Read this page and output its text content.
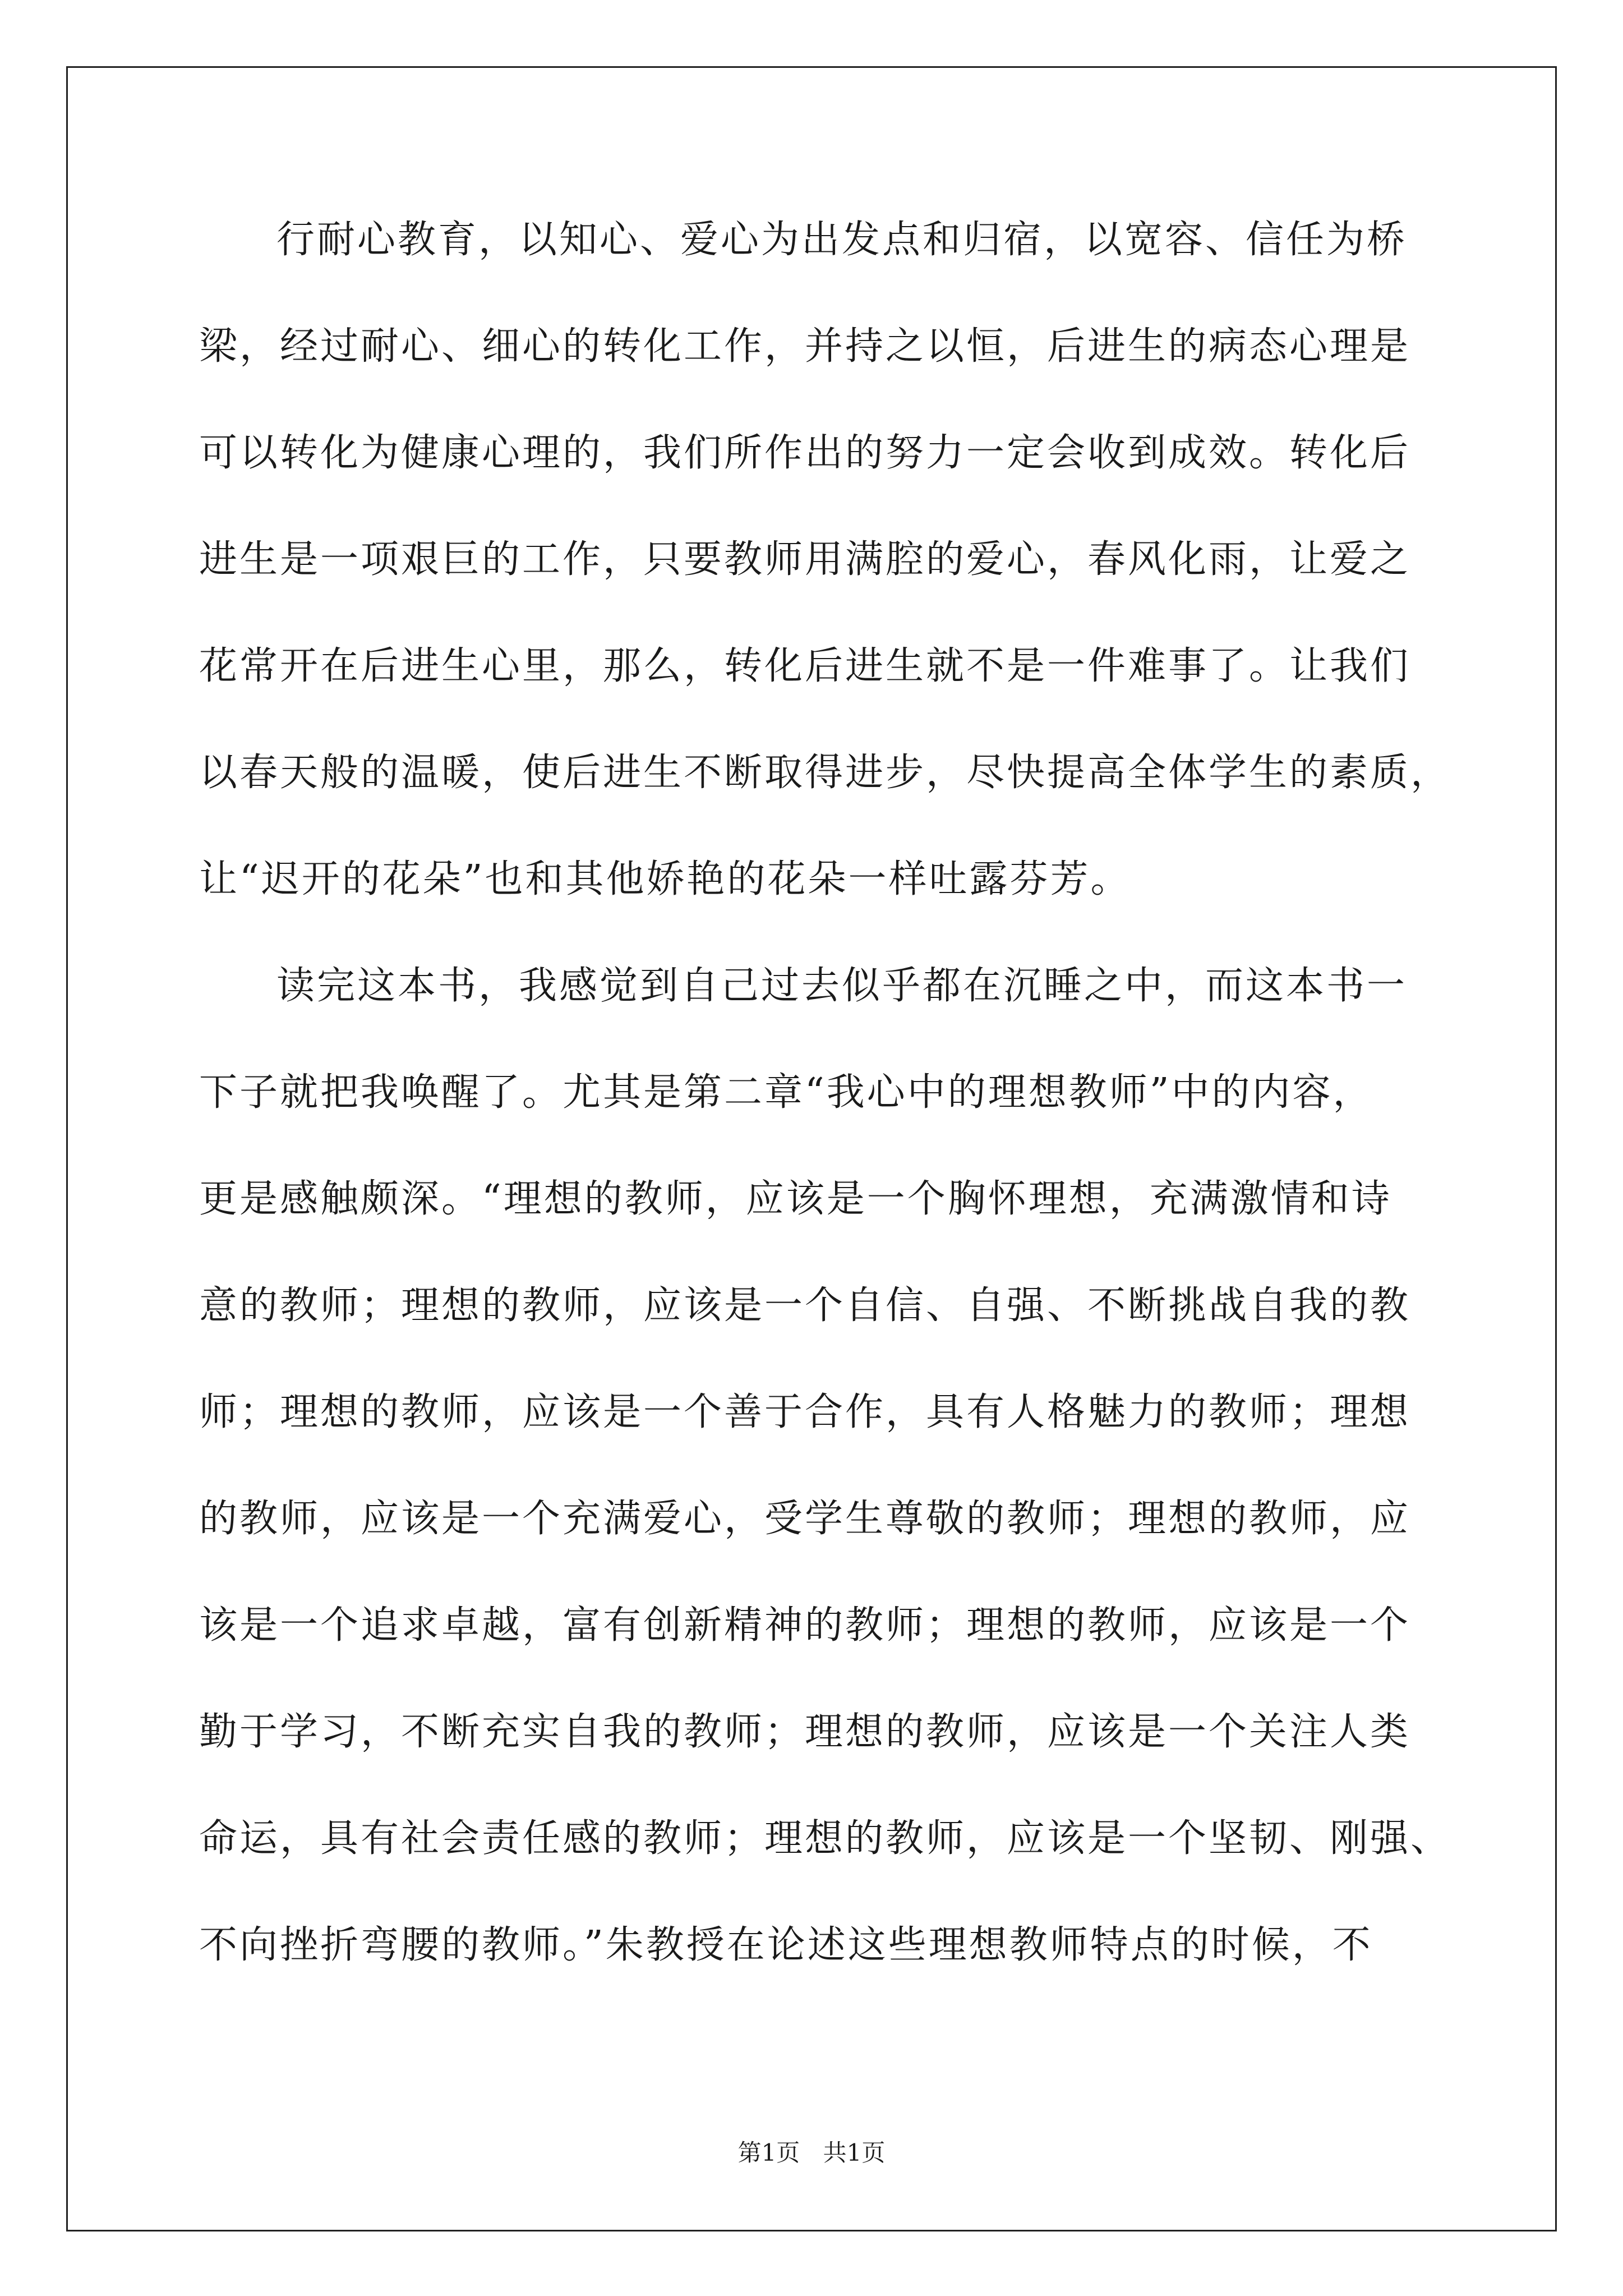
行耐心教育，以知心、爱心为出发点和归宿，以宽容、信任为桥
梁，经过耐心、细心的转化工作，并持之以恒，后进生的病态心理是
可以转化为健康心理的，我们所作出的努力一定会收到成效。转化后
进生是一项艰巨的工作，只要教师用满腔的爱心，春风化雨，让爱之
花常开在后进生心里，那么，转化后进生就不是一件难事了。让我们
以春天般的温暖，使后进生不断取得进步，尽快提高全体学生的素质，
让“迟开的花朵”也和其他娇艳的花朵一样吐露芬芳。
读完这本书，我感觉到自己过去似乎都在沉睡之中，而这本书一
下子就把我唤醒了。尤其是第二章“我心中的理想教师”中的内容，
更是感触颇深。“理想的教师，应该是一个胸怀理想，充满激情和诗
意的教师；理想的教师，应该是一个自信、自强、不断挑战自我的教
师；理想的教师，应该是一个善于合作，具有人格魅力的教师；理想
的教师，应该是一个充满爱心，受学生尊敬的教师；理想的教师，应
该是一个追求卓越，富有创新精神的教师；理想的教师，应该是一个
勤于学习，不断充实自我的教师；理想的教师，应该是一个关注人类
命运，具有社会责任感的教师；理想的教师，应该是一个坚韧、刚强、
不向挫折弯腰的教师。”朱教授在论述这些理想教师特点的时候，不
第1页 共1页
